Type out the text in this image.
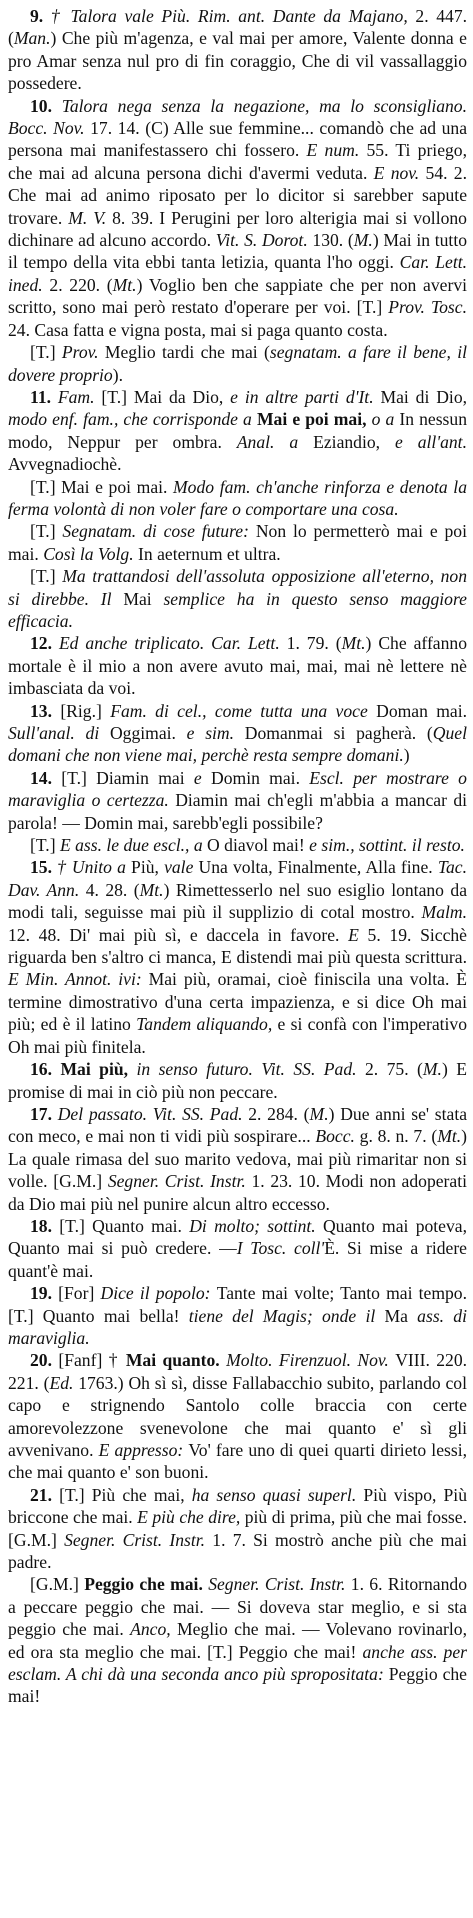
9. † Talora vale Più. Rim. ant. Dante da Majano, 2. 447. (Man.) Che più m'agenza, e val mai per amore, Valente donna e pro Amar senza nul pro di fin coraggio, Che di vil vassallaggio possedere.

10. Talora nega senza la negazione, ma lo sconsigliano. Bocc. Nov. 17. 14. (C) Alle sue femmine... comandò che ad una persona mai manifestassero chi fossero. E num. 55. Ti priego, che mai ad alcuna persona dichi d'avermi veduta. E nov. 54. 2. Che mai ad animo riposato per lo dicitor si sarebber sapute trovare. M. V. 8. 39. I Perugini per loro alterigia mai si vollono dichinare ad alcuno accordo. Vit. S. Dorot. 130. (M.) Mai in tutto il tempo della vita ebbi tanta letizia, quanta l'ho oggi. Car. Lett. ined. 2. 220. (Mt.) Voglio ben che sappiate che per non avervi scritto, sono mai però restato d'operare per voi. [T.] Prov. Tosc. 24. Casa fatta e vigna posta, mai si paga quanto costa.

[T.] Prov. Meglio tardi che mai (segnatam. a fare il bene, il dovere proprio).

11. Fam. [T.] Mai da Dio, e in altre parti d'It. Mai di Dio, modo enf. fam., che corrisponde a Mai e poi mai, o a In nessun modo, Neppur per ombra. Anal. a Eziandio, e all'ant. Avvegnadiochè.

[T.] Mai e poi mai. Modo fam. ch'anche rinforza e denota la ferma volontà di non voler fare o comportare una cosa.

[T.] Segnatam. di cose future: Non lo permetterò mai e poi mai. Così la Volg. In aeternum et ultra.

[T.] Ma trattandosi dell'assoluta opposizione all'eterno, non si direbbe. Il Mai semplice ha in questo senso maggiore efficacia.

12. Ed anche triplicato. Car. Lett. 1. 79. (Mt.) Che affanno mortale è il mio a non avere avuto mai, mai, mai nè lettere nè imbasciata da voi.

13. [Rig.] Fam. di cel., come tutta una voce Doman mai. Sull'anal. di Oggimai. e sim. Domanmai si pagherà. (Quel domani che non viene mai, perchè resta sempre domani.)

14. [T.] Diamin mai e Domin mai. Escl. per mostrare o maraviglia o certezza. Diamin mai ch'egli m'abbia a mancar di parola! — Domin mai, sarebb'egli possibile?

[T.] E ass. le due escl., a O diavol mai! e sim., sottint. il resto.

15. † Unito a Più, vale Una volta, Finalmente, Alla fine. Tac. Dav. Ann. 4. 28. (Mt.) Rimettesserlo nel suo esiglio lontano da modi tali, seguisse mai più il supplizio di cotal mostro. Malm. 12. 48. Di' mai più sì, e daccela in favore. E 5. 19. Sicchè riguarda ben s'altro ci manca, E distendi mai più questa scrittura. E Min. Annot. ivi: Mai più, oramai, cioè finiscila una volta. È termine dimostrativo d'una certa impazienza, e si dice Oh mai più; ed è il latino Tandem aliquando, e si confà con l'imperativo Oh mai più finitela.

16. Mai più, in senso futuro. Vit. SS. Pad. 2. 75. (M.) E promise di mai in ciò più non peccare.

17. Del passato. Vit. SS. Pad. 2. 284. (M.) Due anni se' stata con meco, e mai non ti vidi più sospirare... Bocc. g. 8. n. 7. (Mt.) La quale rimasa del suo marito vedova, mai più rimaritar non si volle. [G.M.] Segner. Crist. Instr. 1. 23. 10. Modi non adoperati da Dio mai più nel punire alcun altro eccesso.

18. [T.] Quanto mai. Di molto; sottint. Quanto mai poteva, Quanto mai si può credere. —I Tosc. coll'È. Si mise a ridere quant'è mai.

19. [For] Dice il popolo: Tante mai volte; Tanto mai tempo. [T.] Quanto mai bella! tiene del Magis; onde il Ma ass. di maraviglia.

20. [Fanf] † Mai quanto. Molto. Firenzuol. Nov. VIII. 220. 221. (Ed. 1763.) Oh sì sì, disse Fallabacchio subito, parlando col capo e strignendo Santolo colle braccia con certe amorevolezzone svenevolone che mai quanto e' sì gli avvenivano. E appresso: Vo' fare uno di quei quarti dirieto lessi, che mai quanto e' son buoni.

21. [T.] Più che mai, ha senso quasi superl. Più vispo, Più briccone che mai. E più che dire, più di prima, più che mai fosse. [G.M.] Segner. Crist. Instr. 1. 7. Si mostrò anche più che mai padre.

[G.M.] Peggio che mai. Segner. Crist. Instr. 1. 6. Ritornando a peccare peggio che mai. — Si doveva star meglio, e si sta peggio che mai. Anco, Meglio che mai. — Volevano rovinarlo, ed ora sta meglio che mai. [T.] Peggio che mai! anche ass. per esclam. A chi dà una seconda anco più spropositata: Peggio che mai!
